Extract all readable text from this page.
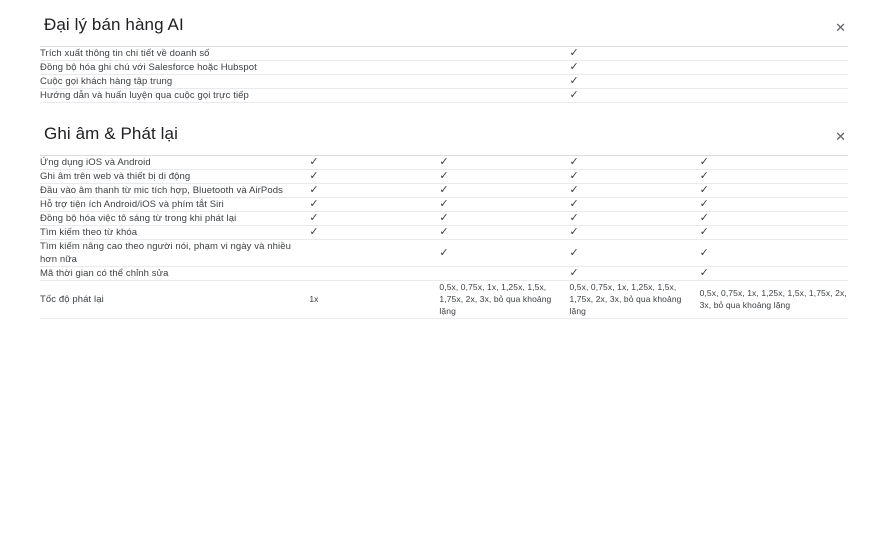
Đại lý bán hàng AI	✕
Trích xuất thông tin chi tiết về doanh số			✓	
Đồng bộ hóa ghi chú với Salesforce hoặc Hubspot			✓	
Cuộc gọi khách hàng tập trung			✓	
Hướng dẫn và huấn luyện qua cuộc gọi trực tiếp			✓	
Ghi âm & Phát lại	✕
Ứng dụng iOS và Android	✓	✓	✓	✓
Ghi âm trên web và thiết bị di động	✓	✓	✓	✓
Đầu vào âm thanh từ mic tích hợp, Bluetooth và AirPods	✓	✓	✓	✓
Hỗ trợ tiện ích Android/iOS và phím tắt Siri	✓	✓	✓	✓
Đồng bộ hóa việc tô sáng từ trong khi phát lại	✓	✓	✓	✓
Tìm kiếm theo từ khóa	✓	✓	✓	✓
Tìm kiếm nâng cao theo người nói, phạm vi ngày và nhiều hơn nữa		✓	✓	✓
Mã thời gian có thể chỉnh sửa			✓	✓
Tốc độ phát lại	1x	0,5x, 0,75x, 1x, 1,25x, 1,5x, 1,75x, 2x, 3x, bỏ qua khoảng lặng	0,5x, 0,75x, 1x, 1,25x, 1,5x, 1,75x, 2x, 3x, bỏ qua khoảng lặng	0,5x, 0,75x, 1x, 1,25x, 1,5x, 1,75x, 2x, 3x, bỏ qua khoảng lặng
